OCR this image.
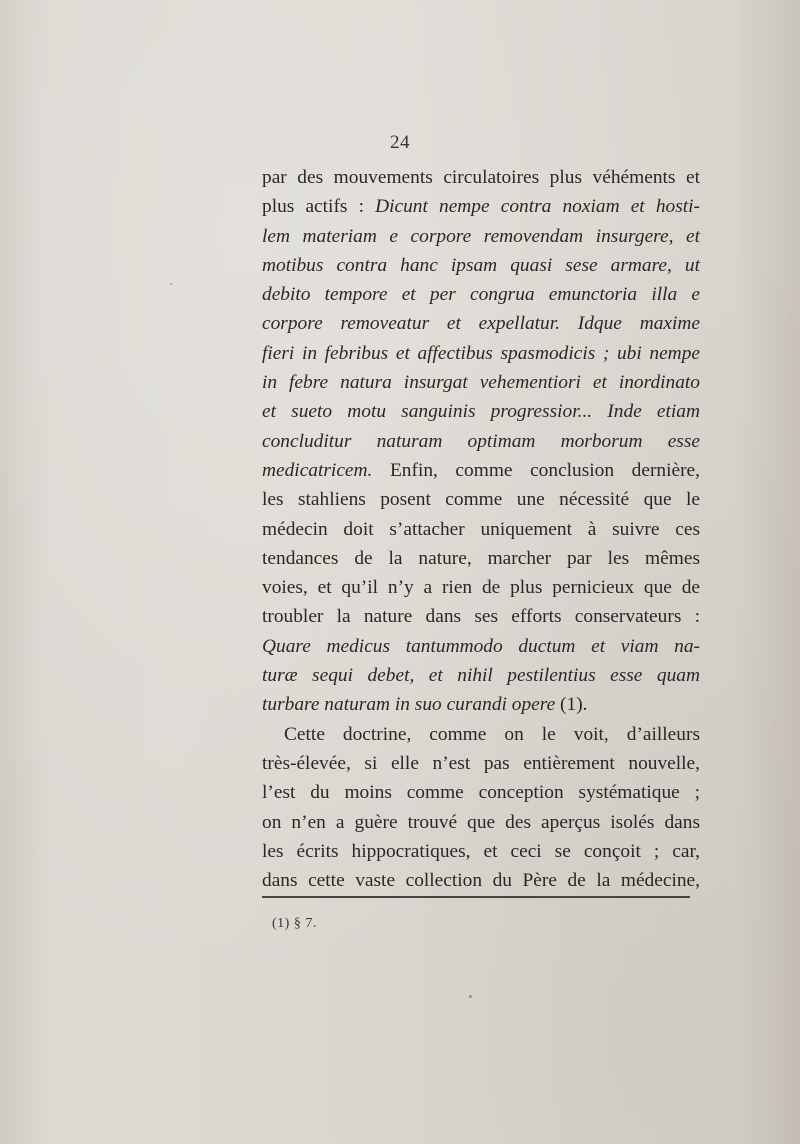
24
par des mouvements circulatoires plus véhéments et
plus actifs : Dicunt nempe contra noxiam et hosti-
lem materiam e corpore removendam insurgere, et
motibus contra hanc ipsam quasi sese armare, ut
debito tempore et per congrua emunctoria illa e
corpore removeatur et expellatur. Idque maxime
fieri in febribus et affectibus spasmodicis ; ubi nempe
in febre natura insurgat vehementiori et inordinato
et sueto motu sanguinis progressior... Inde etiam
concluditur naturam optimam morborum esse
medicatricem. Enfin, comme conclusion dernière,
les stahliens posent comme une nécessité que le
médecin doit s’attacher uniquement à suivre ces
tendances de la nature, marcher par les mêmes
voies, et qu’il n’y a rien de plus pernicieux que de
troubler la nature dans ses efforts conservateurs :
Quare medicus tantummodo ductum et viam na-
turæ sequi debet, et nihil pestilentius esse quam
turbare naturam in suo curandi opere (1).
Cette doctrine, comme on le voit, d’ailleurs
très-élevée, si elle n’est pas entièrement nouvelle,
l’est du moins comme conception systématique ;
on n’en a guère trouvé que des aperçus isolés dans
les écrits hippocratiques, et ceci se conçoit ; car,
dans cette vaste collection du Père de la médecine,
(1) § 7.
